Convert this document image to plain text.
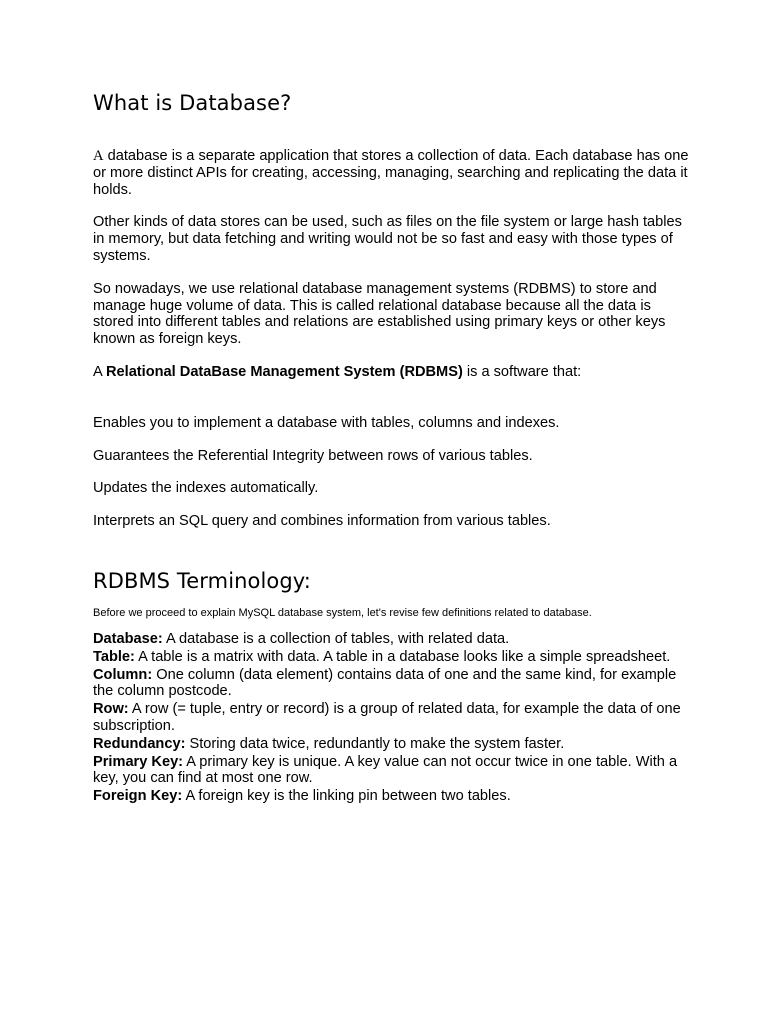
What is Database?

A database is a separate application that stores a collection of data. Each database has one or more distinct APIs for creating, accessing, managing, searching and replicating the data it holds.

Other kinds of data stores can be used, such as files on the file system or large hash tables in memory, but data fetching and writing would not be so fast and easy with those types of systems.

So nowadays, we use relational database management systems (RDBMS) to store and manage huge volume of data. This is called relational database because all the data is stored into different tables and relations are established using primary keys or other keys known as foreign keys.

A Relational DataBase Management System (RDBMS) is a software that:

Enables you to implement a database with tables, columns and indexes.

Guarantees the Referential Integrity between rows of various tables.

Updates the indexes automatically.

Interprets an SQL query and combines information from various tables.

RDBMS Terminology:

Before we proceed to explain MySQL database system, let's revise few definitions related to database.

Database: A database is a collection of tables, with related data.

Table: A table is a matrix with data. A table in a database looks like a simple spreadsheet.

Column: One column (data element) contains data of one and the same kind, for example the column postcode.

Row: A row (= tuple, entry or record) is a group of related data, for example the data of one subscription.

Redundancy: Storing data twice, redundantly to make the system faster.

Primary Key: A primary key is unique. A key value can not occur twice in one table. With a key, you can find at most one row.

Foreign Key: A foreign key is the linking pin between two tables.
